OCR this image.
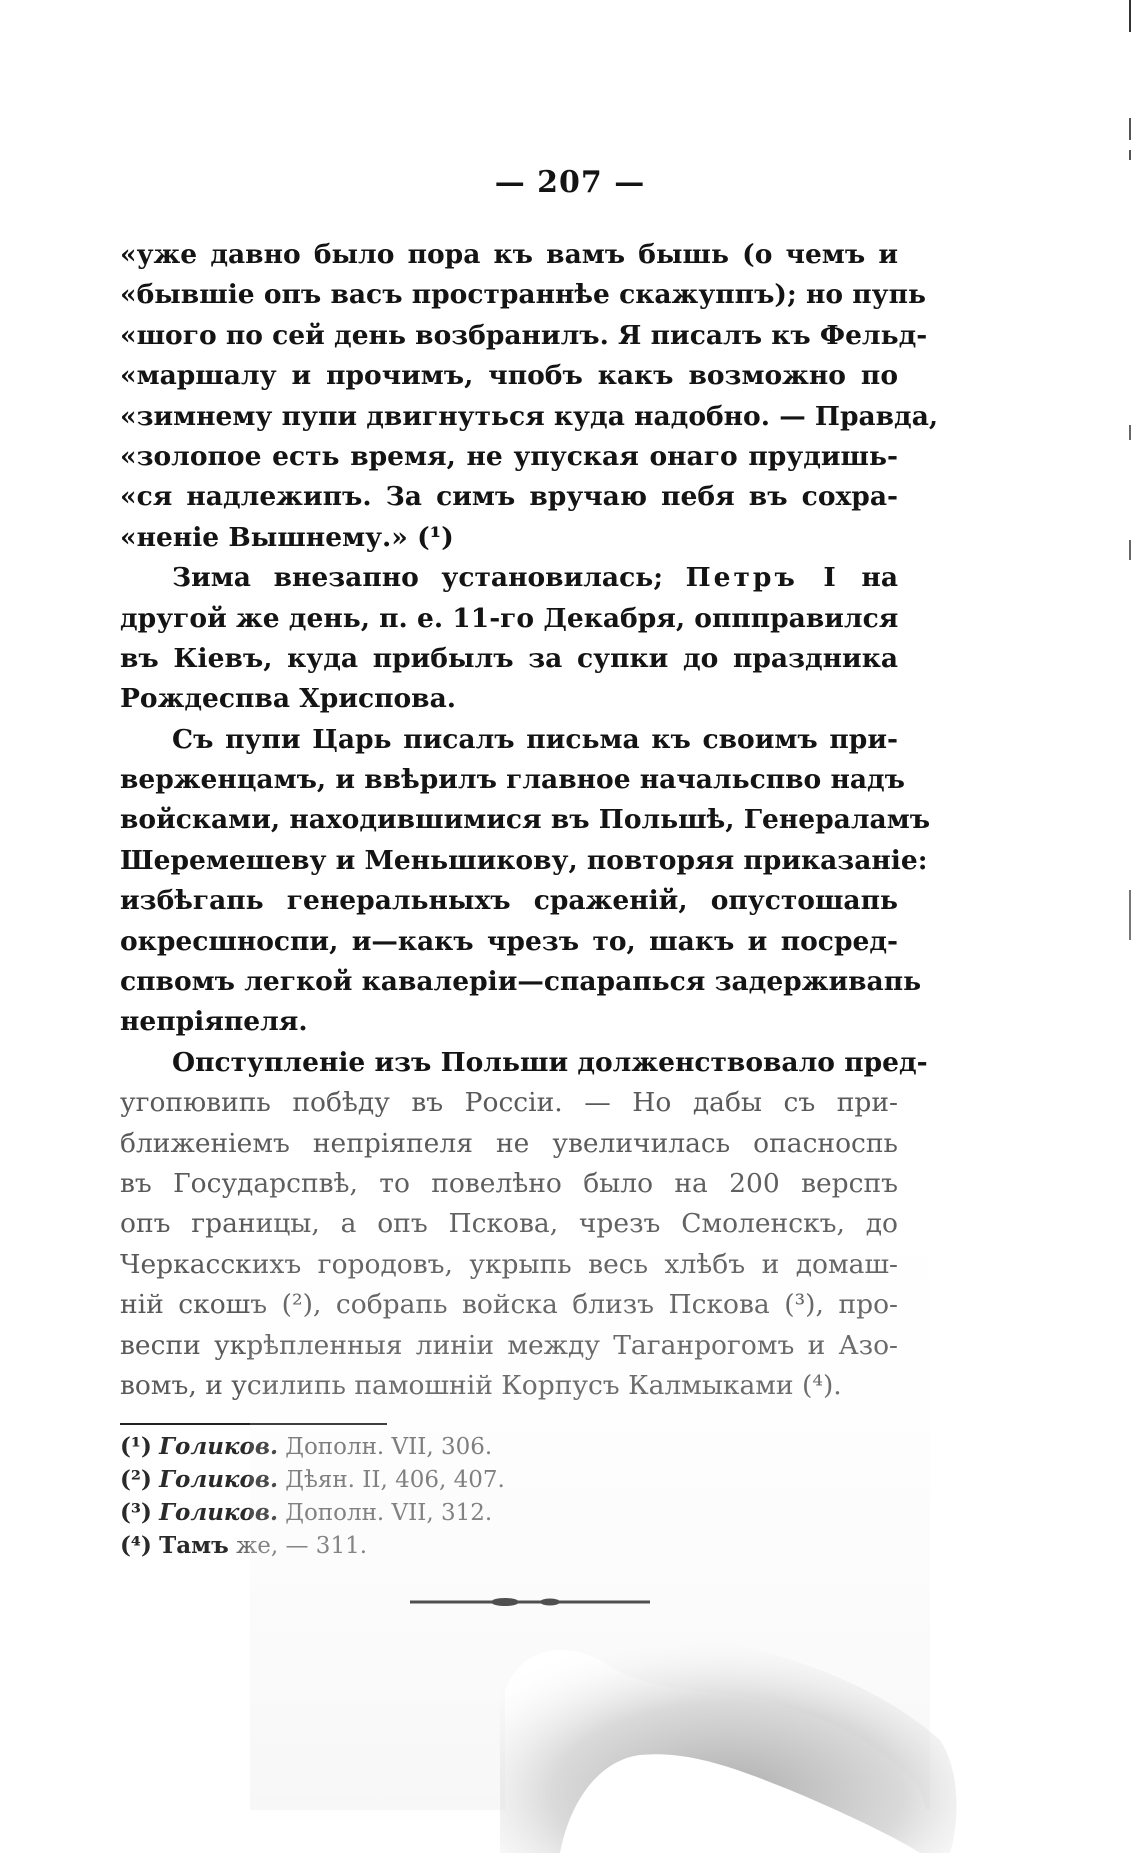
— 207 —
«уже давно было пора къ вамъ бышь (о чемъ и
«бывшіе опъ васъ пространнѣе скажуппъ); но пупь
«шого по сей день возбранилъ. Я писалъ къ Фельд-
«маршалу и прочимъ, чпобъ какъ возможно по
«зимнему пупи двигнуться куда надобно. — Правда,
«золопое есть время, не упуская онаго прудишь-
«ся надлежипъ. За симъ вручаю пебя въ сохра-
«неніе Вышнему.» (¹)
Зима внезапно установилась; Петръ I на
другой же день, п. е. 11-го Декабря, оппправился
въ Кіевъ, куда прибылъ за супки до праздника
Рождеспва Хриспова.
Съ пупи Царь писалъ письма къ своимъ при-
верженцамъ, и ввѣрилъ главное начальспво надъ
войсками, находившимися въ Польшѣ, Генераламъ
Шеремешеву и Меньшикову, повторяя приказаніе:
избѣгапь генеральныхъ сраженій, опустошапь
окресшноспи, и—какъ чрезъ то, шакъ и посред-
спвомъ легкой кавалеріи—спарапься задерживапь
непріяпеля.
Опступленіе изъ Польши долженствовало пред-
угопювипь побѣду въ Россіи. — Но дабы съ при-
ближеніемъ непріяпеля не увеличилась опасноспь
въ Государспвѣ, то повелѣно было на 200 верспъ
опъ границы, а опъ Пскова, чрезъ Смоленскъ, до
Черкасскихъ городовъ, укрыпь весь хлѣбъ и домаш-
ній скошъ (²), собрапь войска близъ Пскова (³), про-
веспи укрѣпленныя линіи между Таганрогомъ и Азо-
вомъ, и усилипь памошній Корпусъ Калмыками (⁴).
(¹) Голиков. Дополн. VII, 306.
(²) Голиков. Дѣян. II, 406, 407.
(³) Голиков. Дополн. VII, 312.
(⁴) Тамъ же, — 311.
